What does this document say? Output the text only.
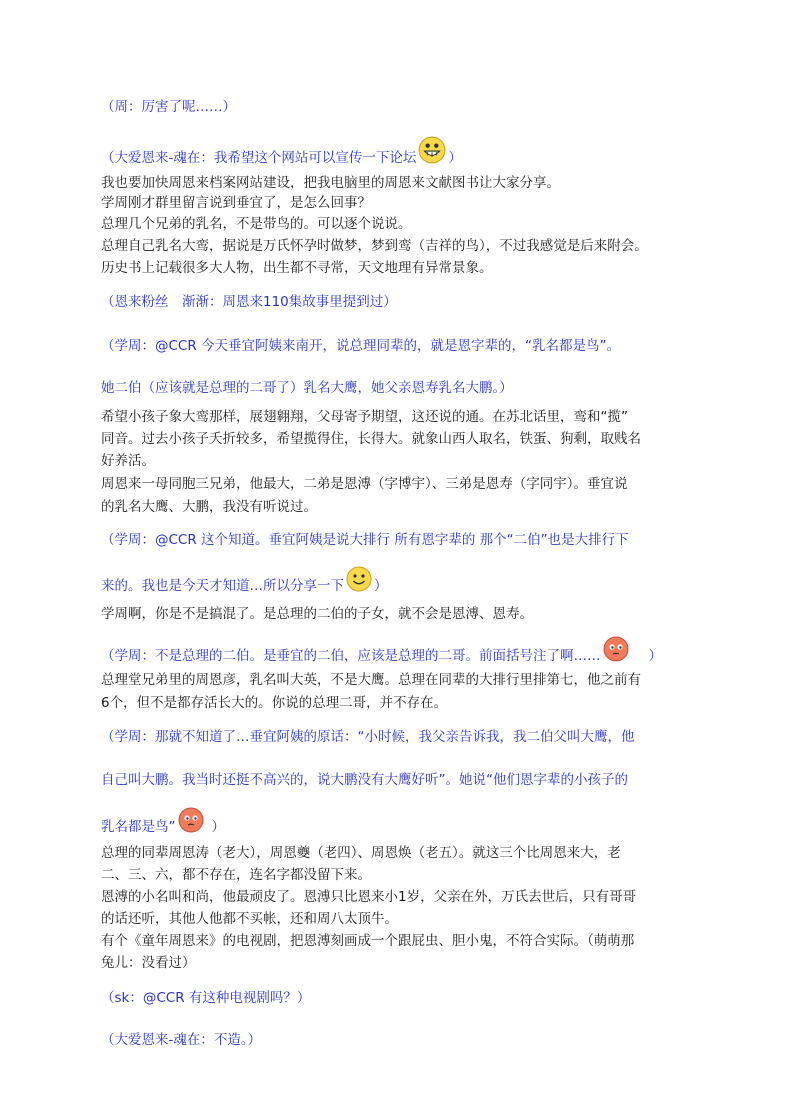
（周：厉害了呢……）
（大爱恩来-魂在：我希望这个网站可以宣传一下论坛 ）
我也要加快周恩来档案网站建设，把我电脑里的周恩来文献图书让大家分享。
学周刚才群里留言说到垂宜了，是怎么回事？
总理几个兄弟的乳名，不是带鸟的。可以逐个说说。
总理自己乳名大鸾，据说是万氏怀孕时做梦，梦到鸾（吉祥的鸟），不过我感觉是后来附会。
历史书上记载很多大人物，出生都不寻常，天文地理有异常景象。
（恩来粉丝　渐渐：周恩来110集故事里提到过）
（学周：@CCR 今天垂宜阿姨来南开，说总理同辈的，就是恩字辈的，“乳名都是鸟”。
她二伯（应该就是总理的二哥了）乳名大鹰，她父亲恩寿乳名大鹏。）
希望小孩子象大鸾那样，展翅翱翔，父母寄予期望，这还说的通。在苏北话里，鸾和“揽”
同音。过去小孩子夭折较多，希望揽得住，长得大。就象山西人取名，铁蛋、狗剩，取贱名
好养活。
周恩来一母同胞三兄弟，他最大，二弟是恩溥（字博宇）、三弟是恩寿（字同宇）。垂宜说
的乳名大鹰、大鹏，我没有听说过。
（学周：@CCR 这个知道。垂宜阿姨是说大排行 所有恩字辈的 那个“二伯”也是大排行下
来的。我也是今天才知道…所以分享一下 ）
学周啊，你是不是搞混了。是总理的二伯的子女，就不会是恩溥、恩寿。
（学周：不是总理的二伯。是垂宜的二伯，应该是总理的二哥。前面括号注了啊……	）
总理堂兄弟里的周恩彦，乳名叫大英，不是大鹰。总理在同辈的大排行里排第七，他之前有
6个，但不是都存活长大的。你说的总理二哥，并不存在。
（学周：那就不知道了…垂宜阿姨的原话：“小时候，我父亲告诉我，我二伯父叫大鹰，他
自己叫大鹏。我当时还挺不高兴的，说大鹏没有大鹰好听”。她说“他们恩字辈的小孩子的
乳名都是鸟”	）
总理的同辈周恩涛（老大），周恩夔（老四）、周恩焕（老五）。就这三个比周恩来大，老
二、三、六，都不存在，连名字都没留下来。
恩溥的小名叫和尚，他最顽皮了。恩溥只比恩来小1岁，父亲在外，万氏去世后，只有哥哥
的话还听，其他人他都不买帐，还和周八太顶牛。
有个《童年周恩来》的电视剧，把恩溥刻画成一个跟屁虫、胆小鬼，不符合实际。（萌萌那
兔儿：没看过）
（sk：@CCR 有这种电视剧吗？）
（大爱恩来-魂在：不造。）
